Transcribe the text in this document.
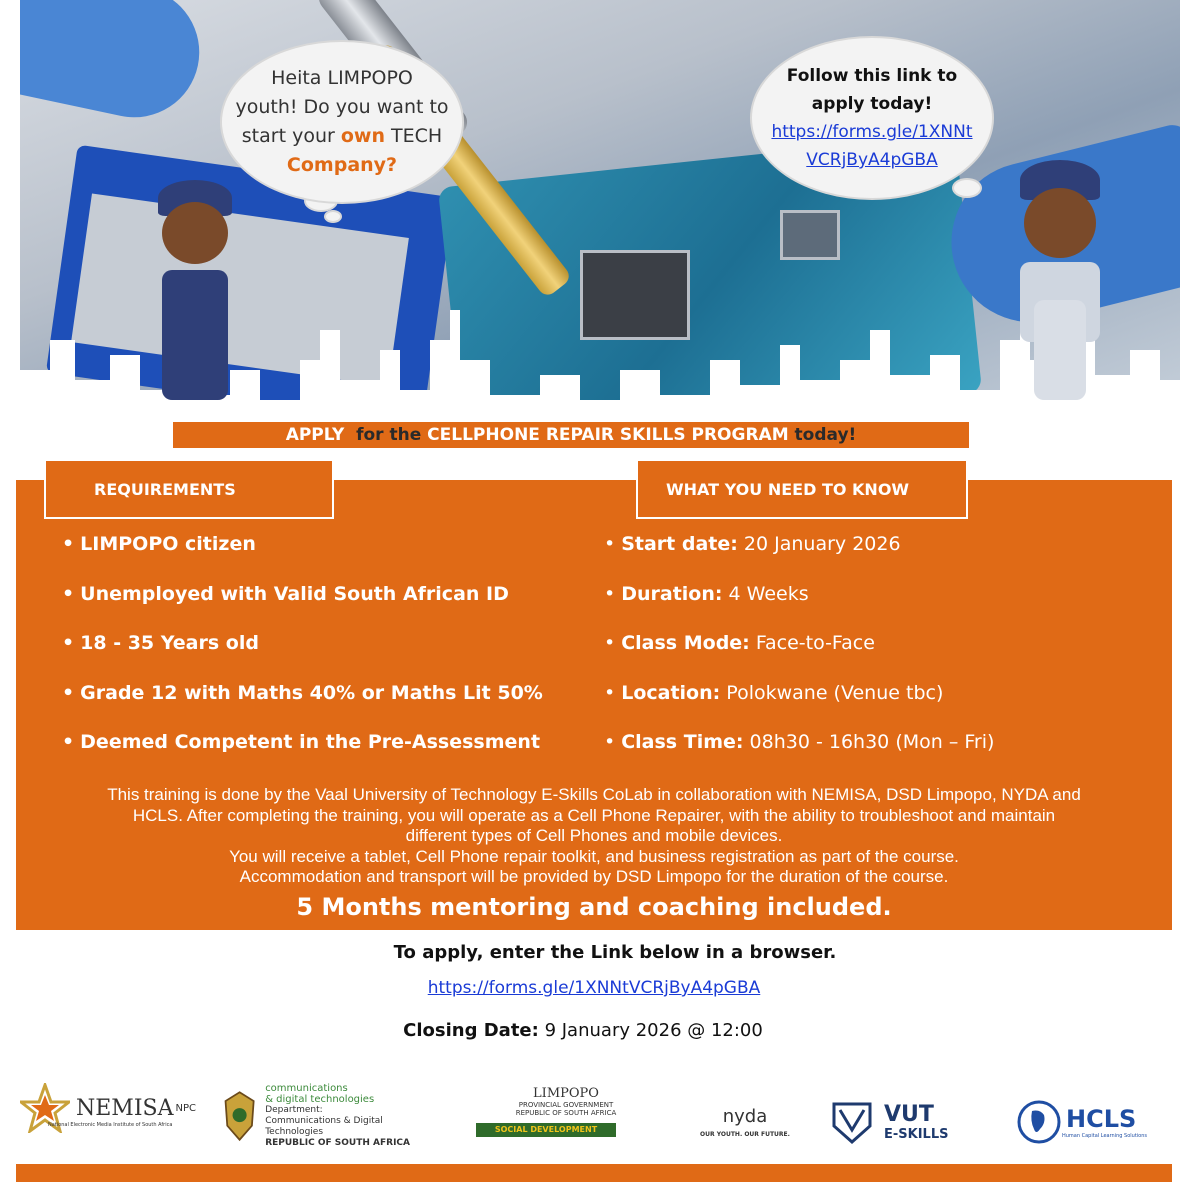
Heita LIMPOPO
youth! Do you want to
start your own TECH
Company?
Follow this link to
apply today!
https://forms.gle/1XNNt
VCRjByA4pGBA
APPLY for the CELLPHONE REPAIR SKILLS PROGRAM today!
REQUIREMENTS	WHAT YOU NEED TO KNOW
• LIMPOPO citizen
• Unemployed with Valid South African ID
• 18 - 35 Years old
• Grade 12 with Maths 40% or Maths Lit 50%
• Deemed Competent in the Pre-Assessment
• Start date: 20 January 2026
• Duration: 4 Weeks
• Class Mode: Face-to-Face
• Location: Polokwane (Venue tbc)
• Class Time: 08h30 - 16h30 (Mon – Fri)
This training is done by the Vaal University of Technology E-Skills CoLab in collaboration with NEMISA, DSD Limpopo, NYDA and
HCLS. After completing the training, you will operate as a Cell Phone Repairer, with the ability to troubleshoot and maintain
different types of Cell Phones and mobile devices.
You will receive a tablet, Cell Phone repair toolkit, and business registration as part of the course.
Accommodation and transport will be provided by DSD Limpopo for the duration of the course.
5 Months mentoring and coaching included.
To apply, enter the Link below in a browser.
https://forms.gle/1XNNtVCRjByA4pGBA
Closing Date: 9 January 2026 @ 12:00
NEMISA NPC
National Electronic Media Institute of South Africa
communications
& digital technologies
Department:
Communications & Digital Technologies
REPUBLIC OF SOUTH AFRICA
LIMPOPO
PROVINCIAL GOVERNMENT
REPUBLIC OF SOUTH AFRICA
SOCIAL DEVELOPMENT
nyda
OUR YOUTH. OUR FUTURE.
VUT
E-SKILLS
HCLS
Human Capital Learning Solutions
